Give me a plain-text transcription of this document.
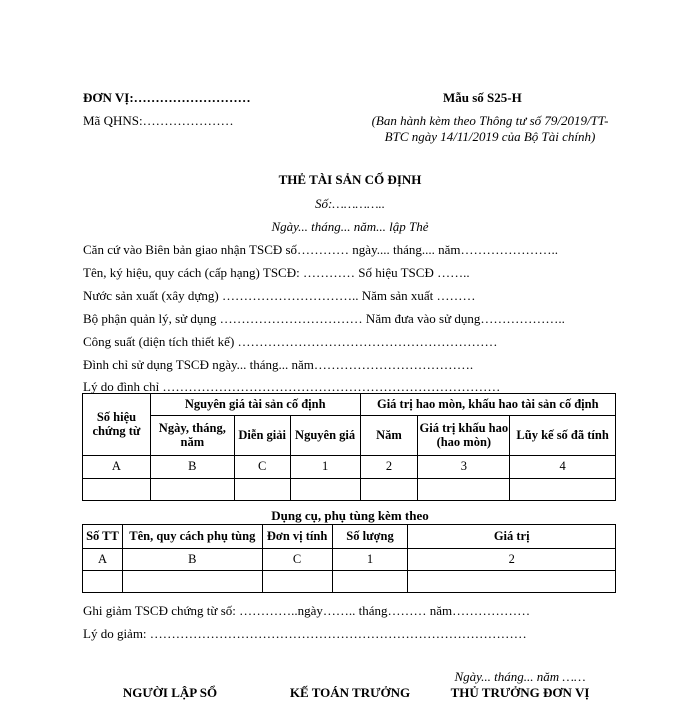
ĐƠN VỊ:………………………
Mã QHNS:…………………
Mẫu số S25-H
(Ban hành kèm theo Thông tư số 79/2019/TT-
BTC ngày 14/11/2019 của Bộ Tài chính)
THẺ TÀI SẢN CỐ ĐỊNH
Số:…………..
Ngày... tháng... năm... lập Thẻ
Căn cứ vào Biên bản giao nhận TSCĐ số………… ngày.... tháng.... năm…………………..
Tên, ký hiệu, quy cách (cấp hạng) TSCĐ: ………… Số hiệu TSCĐ ……..
Nước sản xuất (xây dựng) ………………………….. Năm sản xuất ………
Bộ phận quản lý, sử dụng …………………………… Năm đưa vào sử dụng………………..
Công suất (diện tích thiết kế) ……………………………………………………
Đình chỉ sử dụng TSCĐ ngày... tháng... năm……………………………….
Lý do đình chỉ ……………………………………………………………………
Số hiệu chứng từ	Nguyên giá tài sản cố định			Giá trị hao mòn, khấu hao tài sản cố định		
	Ngày, tháng, năm	Diễn giải	Nguyên giá	Năm	Giá trị khấu hao (hao mòn)	Lũy kế số đã tính
A	B	C	1	2	3	4

Dụng cụ, phụ tùng kèm theo
Số TT	Tên, quy cách phụ tùng	Đơn vị tính	Số lượng	Giá trị
A	B	C	1	2

Ghi giảm TSCĐ chứng từ số: …………..ngày…….. tháng……… năm………………
Lý do giảm: ……………………………………………………………………………
Ngày... tháng... năm ……
NGƯỜI LẬP SỔ	KẾ TOÁN TRƯỞNG	THỦ TRƯỞNG ĐƠN VỊ
